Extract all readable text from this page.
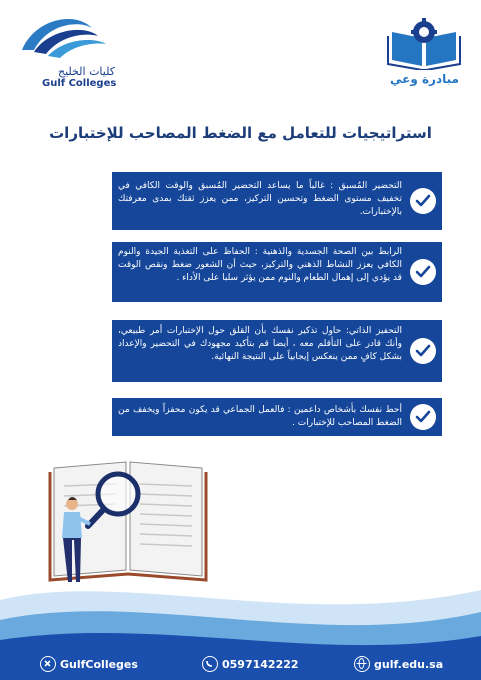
كليات الخليج
Gulf Colleges	مبادرة وعي
استراتيجيات للتعامل مع الضغط المصاحب للإختبارات
التحضير المُسبق : غالباً ما يساعد التحضير المُسبق والوقت الكافي في تخفيف مستوى الضغط وتحسين التركيز، ممن يعزز ثقتك بمدى معرفتك بالإختبارات.
الرابط بين الصحة الجسدية والذهنية : الحفاظ على التغذية الجيدة والنوم الكافي يعزز النشاط الذهني والتركيز، حيث أن الشعور ضغط ونقص الوقت قد يؤدي إلى إهمال الطعام والنوم ممن يؤثر سلبا على الأداء .
التحفيز الذاتي: حاول تذكير نفسك بأن القلق حول الإختبارات أمر طبيعي، وأنك قادر على التأقلم معه ، أيضا قم بتأكيد مجهودك في التحضير والإعداد بشكل كافٍ ممن ينعكس إيجابياً على النتيجة النهائية.
أحط نفسك بأشخاص داعمين : فالعمل الجماعي قد يكون محفزاً ويخفف من الضغط المصاحب للإختبارات .
GulfColleges	0597142222	gulf.edu.sa
